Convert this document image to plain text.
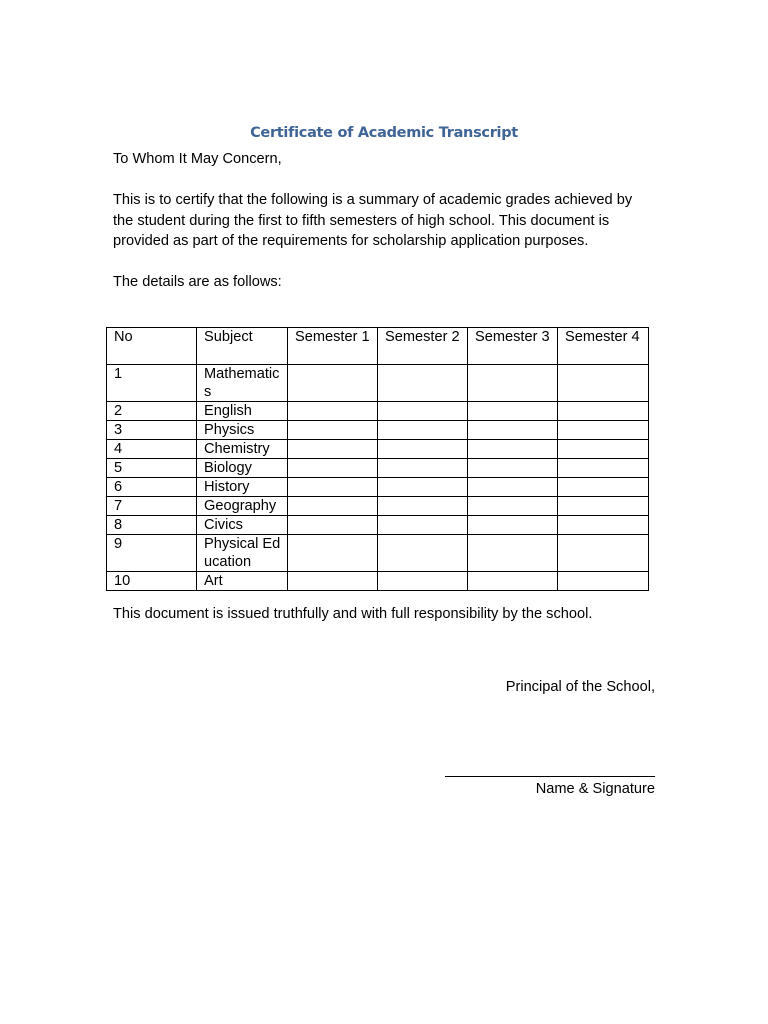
Certificate of Academic Transcript
To Whom It May Concern,
This is to certify that the following is a summary of academic grades achieved by
the student during the first to fifth semesters of high school. This document is
provided as part of the requirements for scholarship application purposes.
The details are as follows:
No	Subject	Semester 1	Semester 2	Semester 3	Semester 4
1	Mathematics				
2	English				
3	Physics				
4	Chemistry				
5	Biology				
6	History				
7	Geography				
8	Civics				
9	Physical Education				
10	Art				
This document is issued truthfully and with full responsibility by the school.
Principal of the School,
Name & Signature
